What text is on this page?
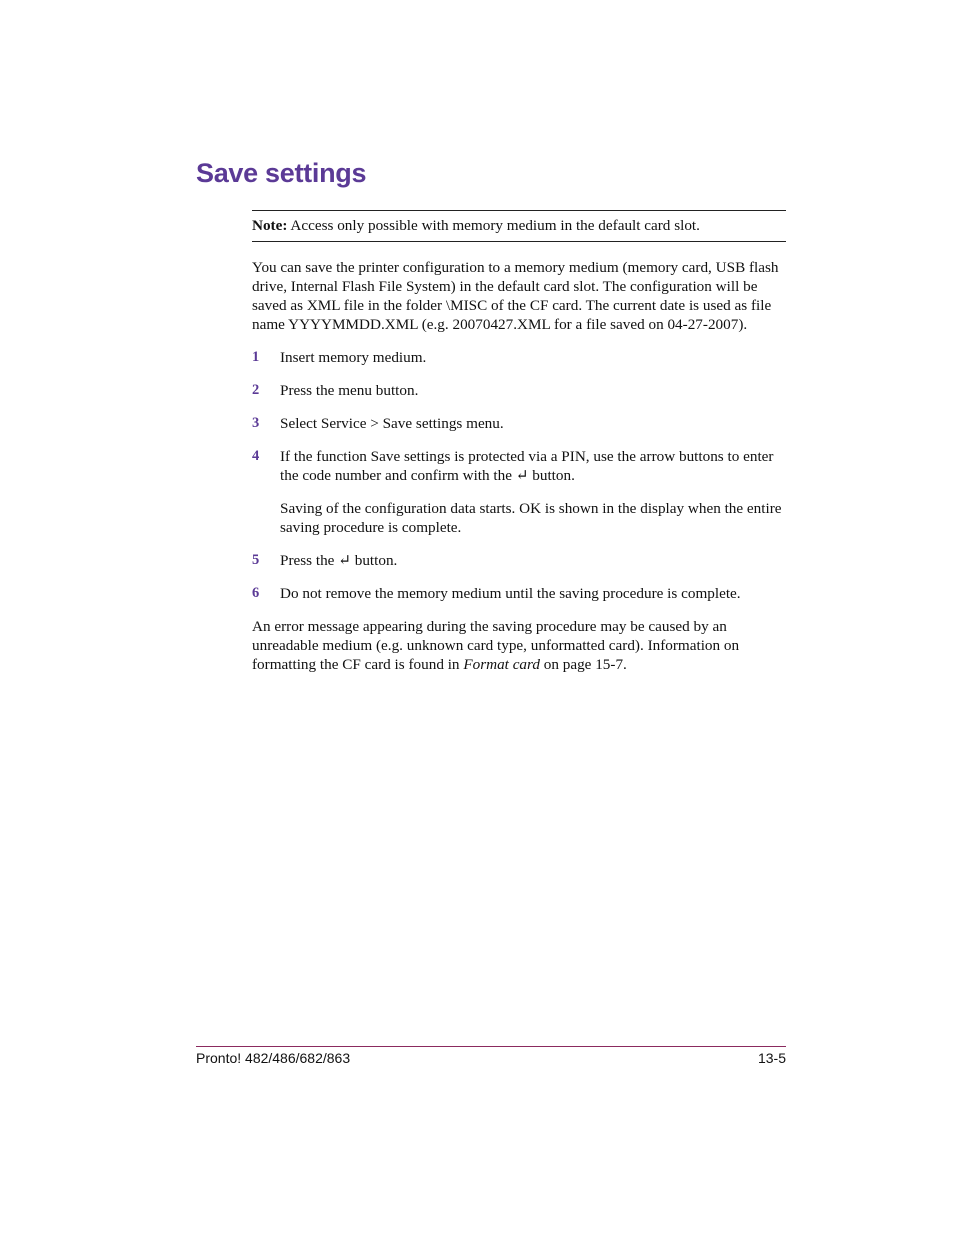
Save settings
Note: Access only possible with memory medium in the default card slot.

You can save the printer configuration to a memory medium (memory card, USB flash drive, Internal Flash File System) in the default card slot. The configuration will be saved as XML file in the folder \MISC of the CF card. The current date is used as file name YYYYMMDD.XML (e.g. 20070427.XML for a file saved on 04-27-2007).

1 Insert memory medium.
2 Press the menu button.
3 Select Service > Save settings menu.
4 If the function Save settings is protected via a PIN, use the arrow buttons to enter the code number and confirm with the ↵ button.
Saving of the configuration data starts. OK is shown in the display when the entire saving procedure is complete.
5 Press the ↵ button.
6 Do not remove the memory medium until the saving procedure is complete.

An error message appearing during the saving procedure may be caused by an unreadable medium (e.g. unknown card type, unformatted card). Information on formatting the CF card is found in Format card on page 15-7.

Pronto! 482/486/682/863	13-5
